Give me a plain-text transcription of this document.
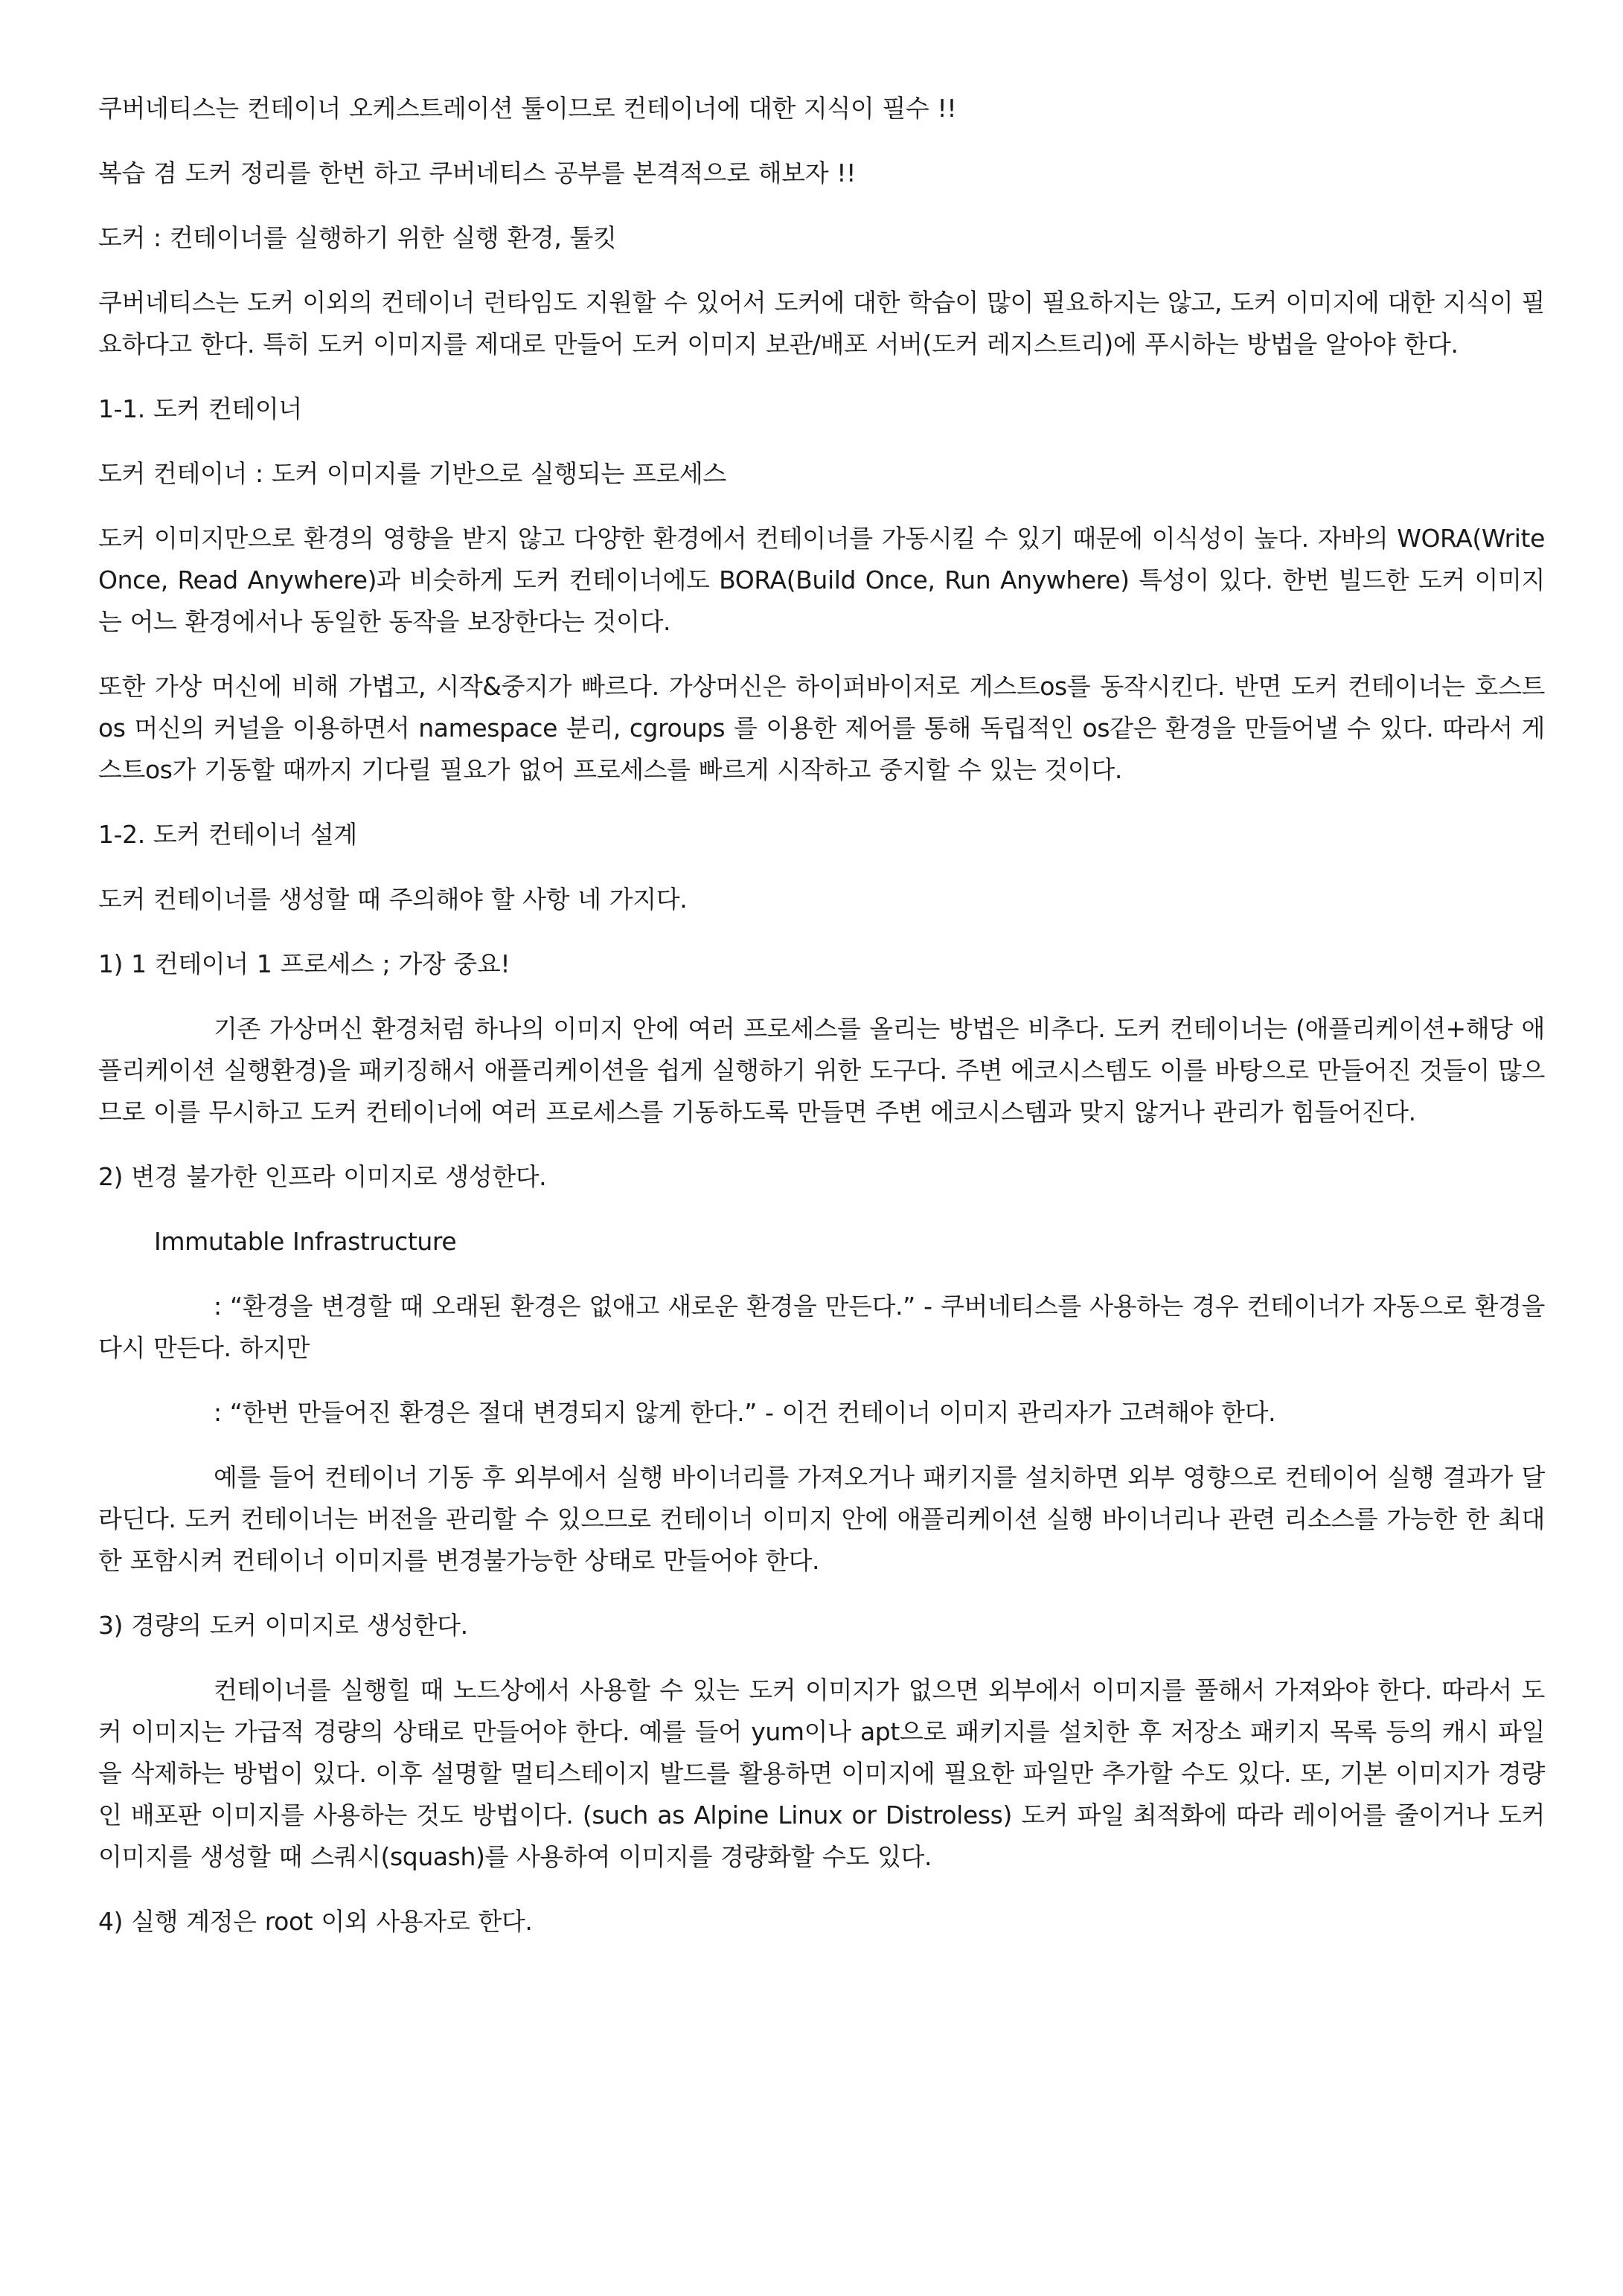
쿠버네티스는 컨테이너 오케스트레이션 툴이므로 컨테이너에 대한 지식이 필수 !!

복습 겸 도커 정리를 한번 하고 쿠버네티스 공부를 본격적으로 해보자 !!

도커 : 컨테이너를 실행하기 위한 실행 환경, 툴킷

쿠버네티스는 도커 이외의 컨테이너 런타임도 지원할 수 있어서 도커에 대한 학습이 많이 필요하지는 않고, 도커 이미지에 대한 지식이 필요하다고 한다. 특히 도커 이미지를 제대로 만들어 도커 이미지 보관/배포 서버(도커 레지스트리)에 푸시하는 방법을 알아야 한다.

1-1. 도커 컨테이너

도커 컨테이너 : 도커 이미지를 기반으로 실행되는 프로세스

도커 이미지만으로 환경의 영향을 받지 않고 다양한 환경에서 컨테이너를 가동시킬 수 있기 때문에 이식성이 높다. 자바의 WORA(Write Once, Read Anywhere)과 비슷하게 도커 컨테이너에도 BORA(Build Once, Run Anywhere) 특성이 있다. 한번 빌드한 도커 이미지는 어느 환경에서나 동일한 동작을 보장한다는 것이다.

또한 가상 머신에 비해 가볍고, 시작&중지가 빠르다. 가상머신은 하이퍼바이저로 게스트os를 동작시킨다. 반면 도커 컨테이너는 호스트os 머신의 커널을 이용하면서 namespace 분리, cgroups 를 이용한 제어를 통해 독립적인 os같은 환경을 만들어낼 수 있다. 따라서 게스트os가 기동할 때까지 기다릴 필요가 없어 프로세스를 빠르게 시작하고 중지할 수 있는 것이다.

1-2. 도커 컨테이너 설계

도커 컨테이너를 생성할 때 주의해야 할 사항 네 가지다.

1) 1 컨테이너 1 프로세스 ; 가장 중요!

기존 가상머신 환경처럼 하나의 이미지 안에 여러 프로세스를 올리는 방법은 비추다. 도커 컨테이너는 (애플리케이션+해당 애플리케이션 실행환경)을 패키징해서 애플리케이션을 쉽게 실행하기 위한 도구다. 주변 에코시스템도 이를 바탕으로 만들어진 것들이 많으므로 이를 무시하고 도커 컨테이너에 여러 프로세스를 기동하도록 만들면 주변 에코시스템과 맞지 않거나 관리가 힘들어진다.

2) 변경 불가한 인프라 이미지로 생성한다.

Immutable Infrastructure

: “환경을 변경할 때 오래된 환경은 없애고 새로운 환경을 만든다.” - 쿠버네티스를 사용하는 경우 컨테이너가 자동으로 환경을 다시 만든다. 하지만

: “한번 만들어진 환경은 절대 변경되지 않게 한다.” - 이건 컨테이너 이미지 관리자가 고려해야 한다.

예를 들어 컨테이너 기동 후 외부에서 실행 바이너리를 가져오거나 패키지를 설치하면 외부 영향으로 컨테이어 실행 결과가 달라딘다. 도커 컨테이너는 버전을 관리할 수 있으므로 컨테이너 이미지 안에 애플리케이션 실행 바이너리나 관련 리소스를 가능한 한 최대한 포함시켜 컨테이너 이미지를 변경불가능한 상태로 만들어야 한다.

3) 경량의 도커 이미지로 생성한다.

컨테이너를 실행힐 때 노드상에서 사용할 수 있는 도커 이미지가 없으면 외부에서 이미지를 풀해서 가져와야 한다. 따라서 도커 이미지는 가급적 경량의 상태로 만들어야 한다. 예를 들어 yum이나 apt으로 패키지를 설치한 후 저장소 패키지 목록 등의 캐시 파일을 삭제하는 방법이 있다. 이후 설명할 멀티스테이지 발드를 활용하면 이미지에 필요한 파일만 추가할 수도 있다. 또, 기본 이미지가 경량인 배포판 이미지를 사용하는 것도 방법이다. (such as Alpine Linux or Distroless) 도커 파일 최적화에 따라 레이어를 줄이거나 도커 이미지를 생성할 때 스쿼시(squash)를 사용하여 이미지를 경량화할 수도 있다.

4) 실행 계정은 root 이외 사용자로 한다.
